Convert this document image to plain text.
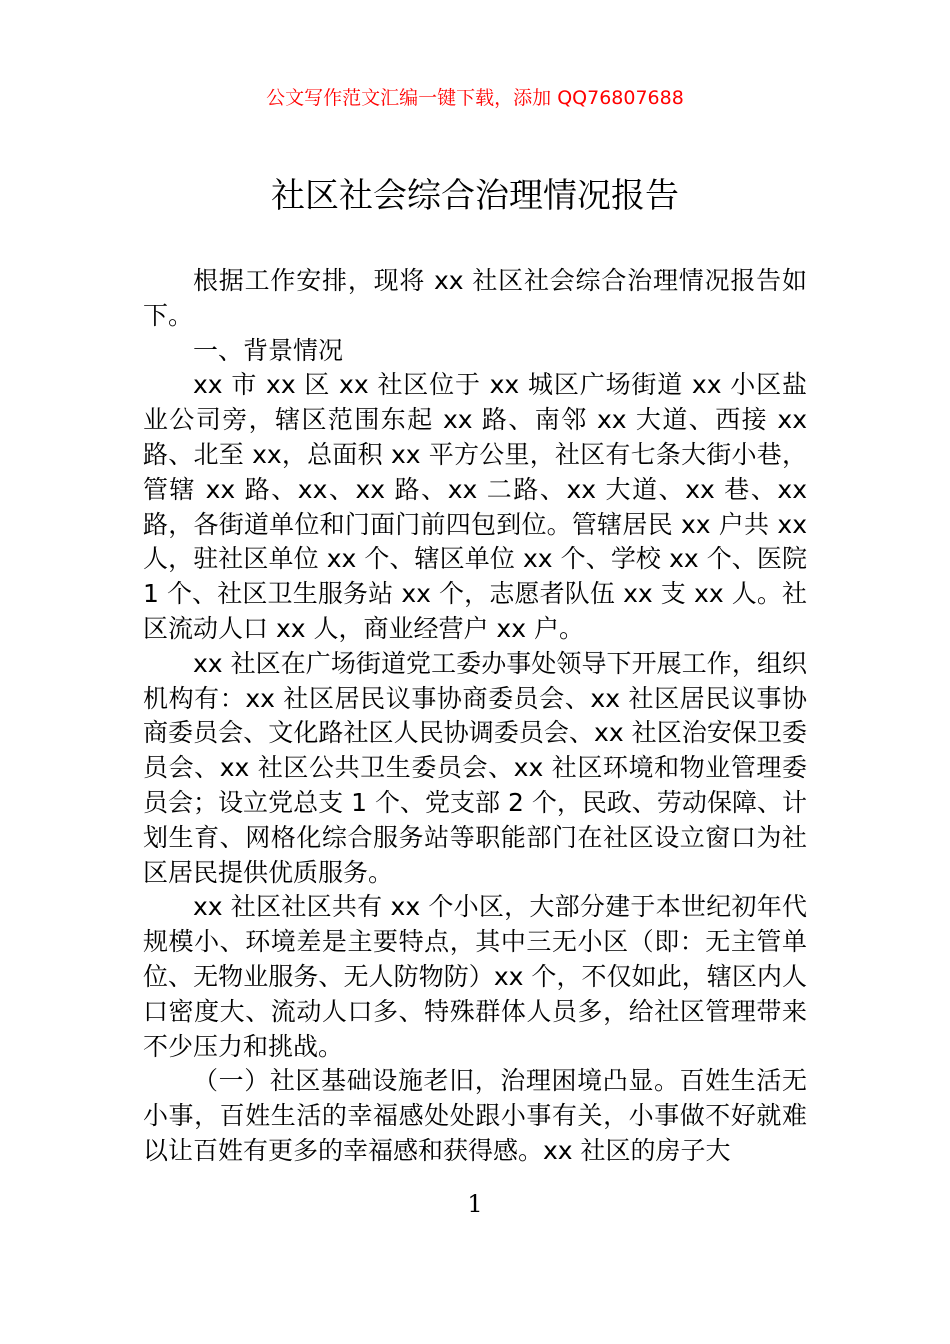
公文写作范文汇编一键下载，添加 QQ76807688
社区社会综合治理情况报告

根据工作安排，现将 xx 社区社会综合治理情况报告如下。

一、背景情况

xx 市 xx 区 xx 社区位于 xx 城区广场街道 xx 小区盐业公司旁，辖区范围东起 xx 路、南邻 xx 大道、西接 xx 路、北至 xx，总面积 xx 平方公里，社区有七条大街小巷，管辖 xx 路、xx、xx 路、xx 二路、xx 大道、xx 巷、xx 路，各街道单位和门面门前四包到位。管辖居民 xx 户共 xx 人，驻社区单位 xx 个、辖区单位 xx 个、学校 xx 个、医院 1 个、社区卫生服务站 xx 个，志愿者队伍 xx 支 xx 人。社区流动人口 xx 人，商业经营户 xx 户。

xx 社区在广场街道党工委办事处领导下开展工作，组织机构有：xx 社区居民议事协商委员会、xx 社区居民议事协商委员会、文化路社区人民协调委员会、xx 社区治安保卫委员会、xx 社区公共卫生委员会、xx 社区环境和物业管理委员会；设立党总支 1 个、党支部 2 个，民政、劳动保障、计划生育、网格化综合服务站等职能部门在社区设立窗口为社区居民提供优质服务。

xx 社区社区共有 xx 个小区，大部分建于本世纪初年代规模小、环境差是主要特点，其中三无小区（即：无主管单位、无物业服务、无人防物防）xx 个，不仅如此，辖区内人口密度大、流动人口多、特殊群体人员多，给社区管理带来不少压力和挑战。

（一）社区基础设施老旧，治理困境凸显。百姓生活无小事，百姓生活的幸福感处处跟小事有关，小事做不好就难以让百姓有更多的幸福感和获得感。xx 社区的房子大

1
